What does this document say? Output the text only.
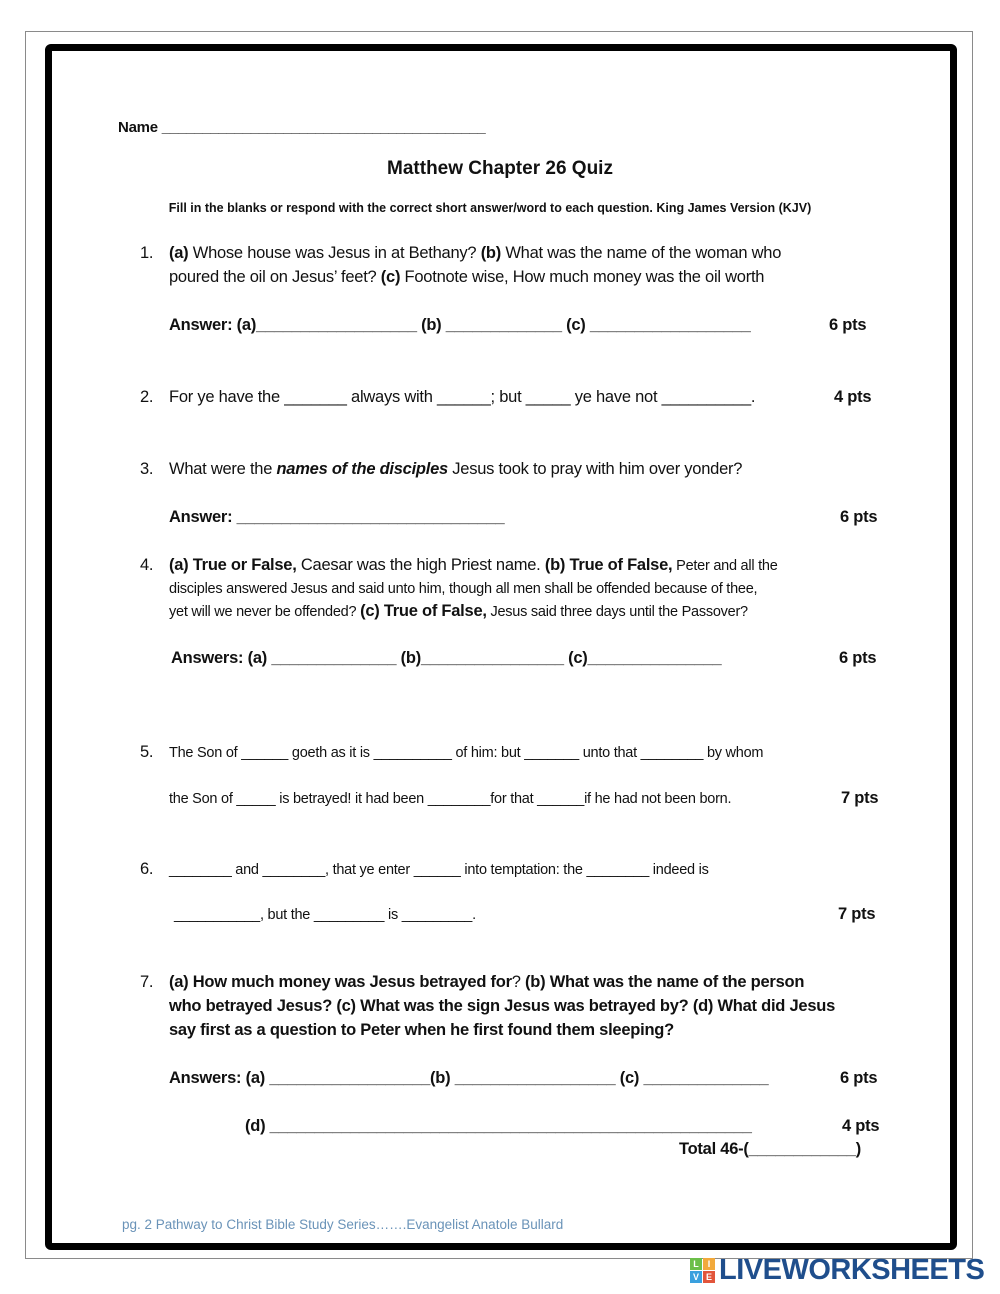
Name ________________________________________
Matthew Chapter 26 Quiz
Fill in the blanks or respond with the correct short answer/word to each question. King James Version (KJV)
1. (a) Whose house was Jesus in at Bethany? (b) What was the name of the woman who
poured the oil on Jesus’ feet? (c) Footnote wise, How much money was the oil worth
Answer: (a)__________________ (b) _____________ (c) __________________	6 pts
2. For ye have the _______ always with ______; but _____ ye have not __________.	4 pts
3. What were the names of the disciples Jesus took to pray with him over yonder?
Answer: ______________________________	6 pts
4. (a) True or False, Caesar was the high Priest name. (b) True of False, Peter and all the
disciples answered Jesus and said unto him, though all men shall be offended because of thee,
yet will we never be offended? (c) True of False, Jesus said three days until the Passover?
Answers: (a) ______________ (b)________________ (c)_______________	6 pts
5. The Son of ______ goeth as it is __________ of him: but _______ unto that ________ by whom
the Son of _____ is betrayed! it had been ________for that ______if he had not been born.	7 pts
6. ________ and ________, that ye enter ______ into temptation: the ________ indeed is
___________, but the _________ is _________.	7 pts
7. (a) How much money was Jesus betrayed for? (b) What was the name of the person
who betrayed Jesus? (c) What was the sign Jesus was betrayed by? (d) What did Jesus
say first as a question to Peter when he first found them sleeping?
Answers: (a) __________________(b) __________________ (c) ______________	6 pts
(d) ______________________________________________________	4 pts
Total 46-(____________)
pg. 2 Pathway to Christ Bible Study Series…….Evangelist Anatole Bullard
L I
V E LIVEWORKSHEETS
